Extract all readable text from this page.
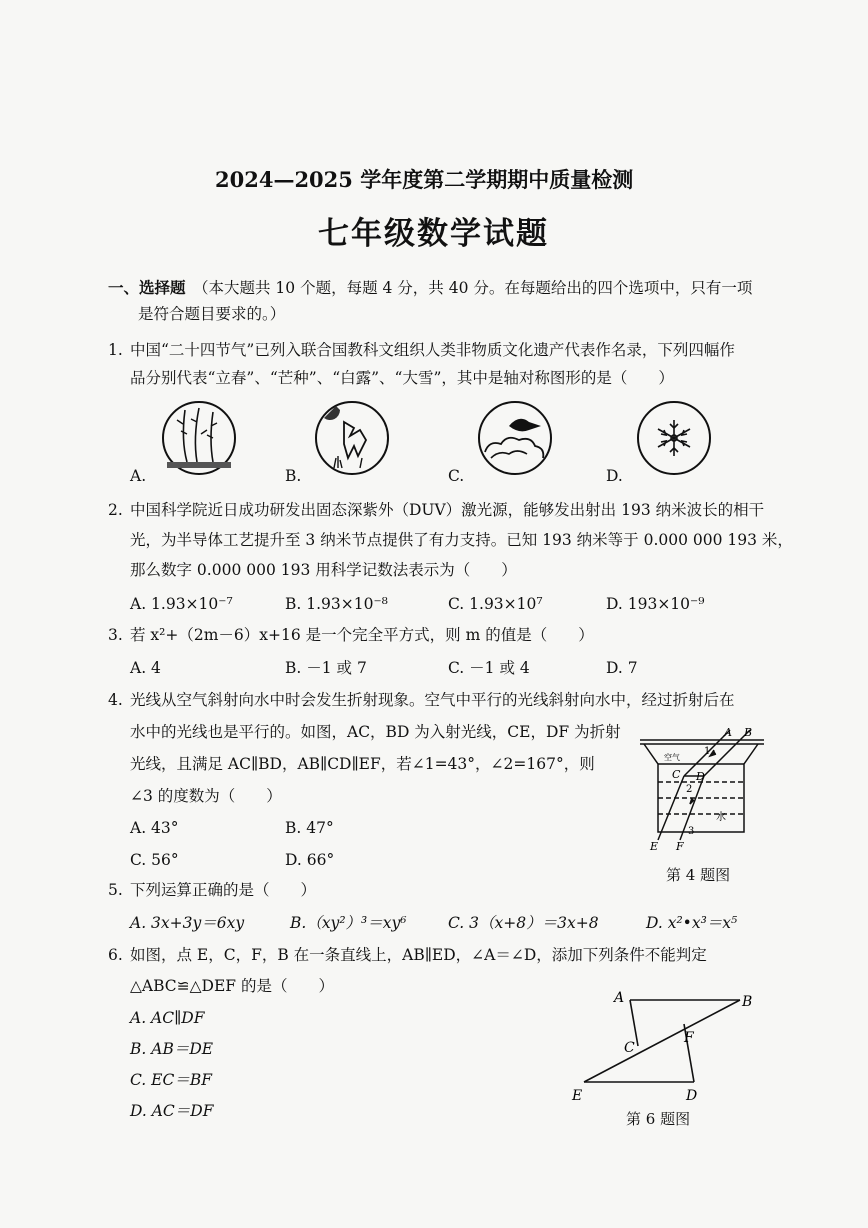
2024—2025 学年度第二学期期中质量检测
七年级数学试题
一、选择题 （本大题共 10 个题，每题 4 分，共 40 分。在每题给出的四个选项中，只有一项
是符合题目要求的。）
1. 中国“二十四节气”已列入联合国教科文组织人类非物质文化遗产代表作名录，下列四幅作
品分别代表“立春”、“芒种”、“白露”、“大雪”，其中是轴对称图形的是（　　）
A.	B.	C.	D.
2. 中国科学院近日成功研发出固态深紫外（DUV）激光源，能够发出射出 193 纳米波长的相干
光，为半导体工艺提升至 3 纳米节点提供了有力支持。已知 193 纳米等于 0.000 000 193 米，
那么数字 0.000 000 193 用科学记数法表示为（　　）
A. 1.93×10⁻⁷	B. 1.93×10⁻⁸	C. 1.93×10⁷	D. 193×10⁻⁹
3. 若 x²+（2m－6）x+16 是一个完全平方式，则 m 的值是（　　）
A. 4	B. －1 或 7	C. －1 或 4	D. 7
4. 光线从空气斜射向水中时会发生折射现象。空气中平行的光线斜射向水中，经过折射后在
水中的光线也是平行的。如图，AC，BD 为入射光线，CE，DF 为折射
光线，且满足 AC∥BD，AB∥CD∥EF，若∠1=43°，∠2=167°，则
∠3 的度数为（　　）
A. 43°	B. 47°
C. 56°	D. 66°
A B
C D
E F
1
2
3
空气
水
第 4 题图
5. 下列运算正确的是（　　）
A. 3x+3y＝6xy	B.（xy²）³＝xy⁶	C. 3（x+8）＝3x+8	D. x²•x³＝x⁵
6. 如图，点 E，C，F，B 在一条直线上，AB∥ED，∠A＝∠D，添加下列条件不能判定
△ABC≌△DEF 的是（　　）
A. AC∥DF
B. AB＝DE
C. EC＝BF
D. AC＝DF
A	B
C
F
E	D
第 6 题图
